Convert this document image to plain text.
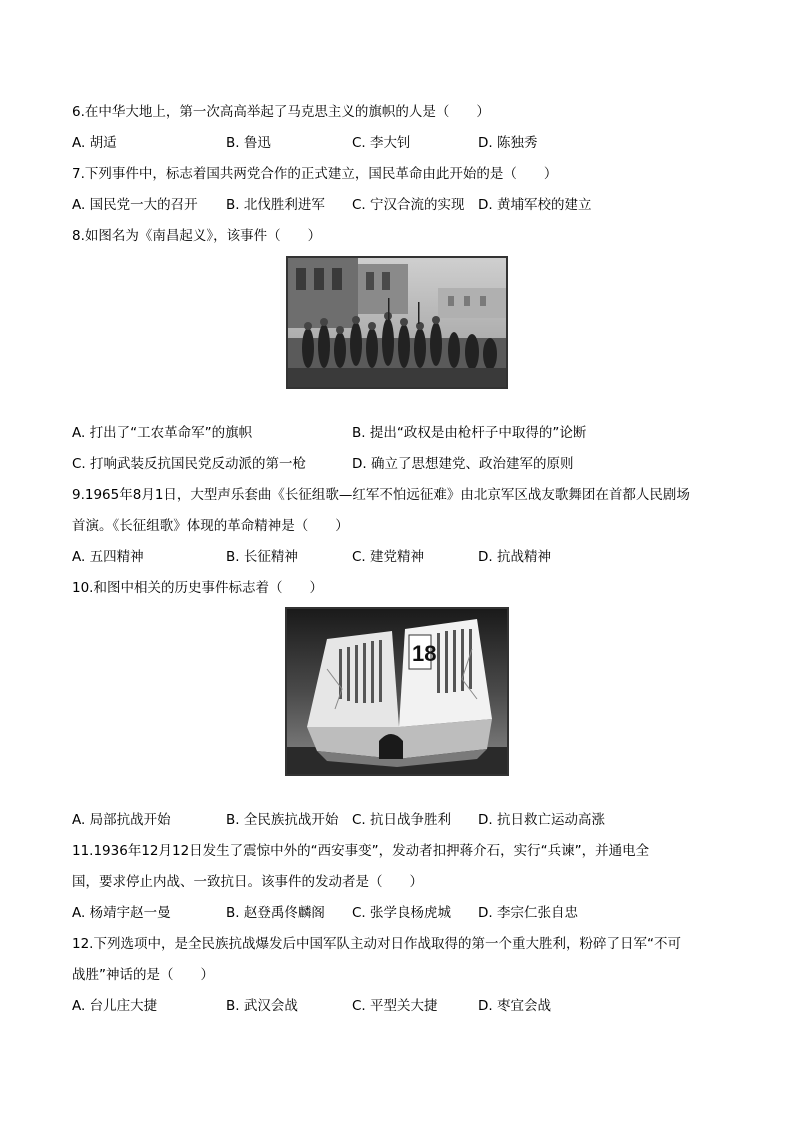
6.在中华大地上，第一次高高举起了马克思主义的旗帜的人是（　　）
A. 胡适	B. 鲁迅	C. 李大钊	D. 陈独秀
7.下列事件中，标志着国共两党合作的正式建立，国民革命由此开始的是（　　）
A. 国民党一大的召开 B. 北伐胜利进军 C. 宁汉合流的实现 D. 黄埔军校的建立
8.如图名为《南昌起义》，该事件（　　）
A. 打出了“工农革命军”的旗帜	B. 提出“政权是由枪杆子中取得的”论断
C. 打响武装反抗国民党反动派的第一枪	D. 确立了思想建党、政治建军的原则
9.1965年8月1日，大型声乐套曲《长征组歌—红军不怕远征难》由北京军区战友歌舞团在首都人民剧场
首演。《长征组歌》体现的革命精神是（　　）
A. 五四精神	B. 长征精神	C. 建党精神	D. 抗战精神
10.和图中相关的历史事件标志着（　　）
18
A. 局部抗战开始	B. 全民族抗战开始 C. 抗日战争胜利 D. 抗日救亡运动高涨
11.1936年12月12日发生了震惊中外的“西安事变”，发动者扣押蒋介石，实行“兵谏”，并通电全
国，要求停止内战、一致抗日。该事件的发动者是（　　）
A. 杨靖宇赵一曼	B. 赵登禹佟麟阁 C. 张学良杨虎城 D. 李宗仁张自忠
12.下列选项中，是全民族抗战爆发后中国军队主动对日作战取得的第一个重大胜利，粉碎了日军“不可
战胜”神话的是（　　）
A. 台儿庄大捷	B. 武汉会战	C. 平型关大捷	D. 枣宜会战
